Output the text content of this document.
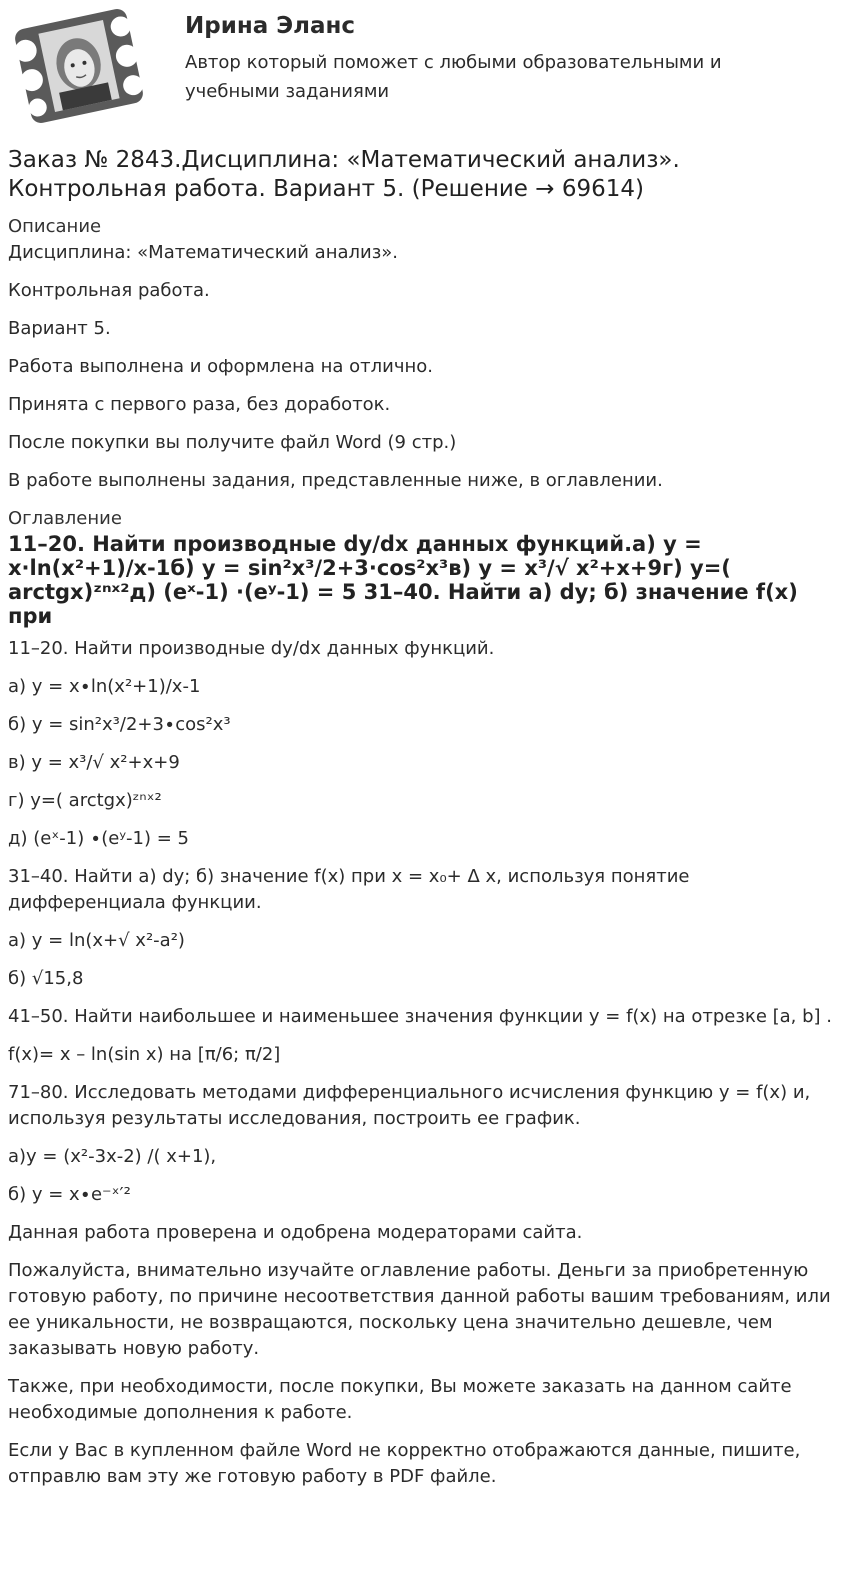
Ирина Эланс
Автор который поможет с любыми образовательными и учебными заданиями
Заказ № 2843.Дисциплина: «Математический анализ». Контрольная работа. Вариант 5. (Решение → 69614)
Описание

Дисциплина: «Математический анализ».

Контрольная работа.

Вариант 5.

Работа выполнена и оформлена на отлично.

Принята с первого раза, без доработок.

После покупки вы получите файл Word (9 стр.)

В работе выполнены задания, представленные ниже, в оглавлении.

Оглавление
11–20. Найти производные dy/dx данных функций.а) y = x·ln(x²+1)/x-1б) y = sin²x³/2+3·cos²x³в) y = x³/√ x²+x+9г) y=( arctgx)ᶻⁿˣ²д) (eˣ-1) ·(eʸ-1) = 5 31–40. Найти а) dy; б) значение f(x) при

11–20. Найти производные dy/dx данных функций.

а) y = x∙ln(x²+1)/x-1

б) y = sin²x³/2+3∙cos²x³

в) y = x³/√ x²+x+9

г) y=( arctgx)ᶻⁿˣ²

д) (eˣ-1) ∙(eʸ-1) = 5

31–40. Найти а) dy; б) значение f(x) при x = x₀+ Δ x, используя понятие дифференциала функции.

а) y = ln(x+√ x²-a²)

б) √15,8

41–50. Найти наибольшее и наименьшее значения функции y = f(x) на отрезке [a, b] .

f(x)= x – ln(sin x) на [π/6; π/2]

71–80. Исследовать методами дифференциального исчисления функцию y = f(x) и, используя результаты исследования, построить ее график.

а)y = (x²-3x-2) /( x+1),

б) y = x∙e⁻ˣ′²

Данная работа проверена и одобрена модераторами сайта.

Пожалуйста, внимательно изучайте оглавление работы. Деньги за приобретенную готовую работу, по причине несоответствия данной работы вашим требованиям, или ее уникальности, не возвращаются, поскольку цена значительно дешевле, чем заказывать новую работу.

Также, при необходимости, после покупки, Вы можете заказать на данном сайте необходимые дополнения к работе.

Если у Вас в купленном файле Word не корректно отображаются данные, пишите, отправлю вам эту же готовую работу в PDF файле.
